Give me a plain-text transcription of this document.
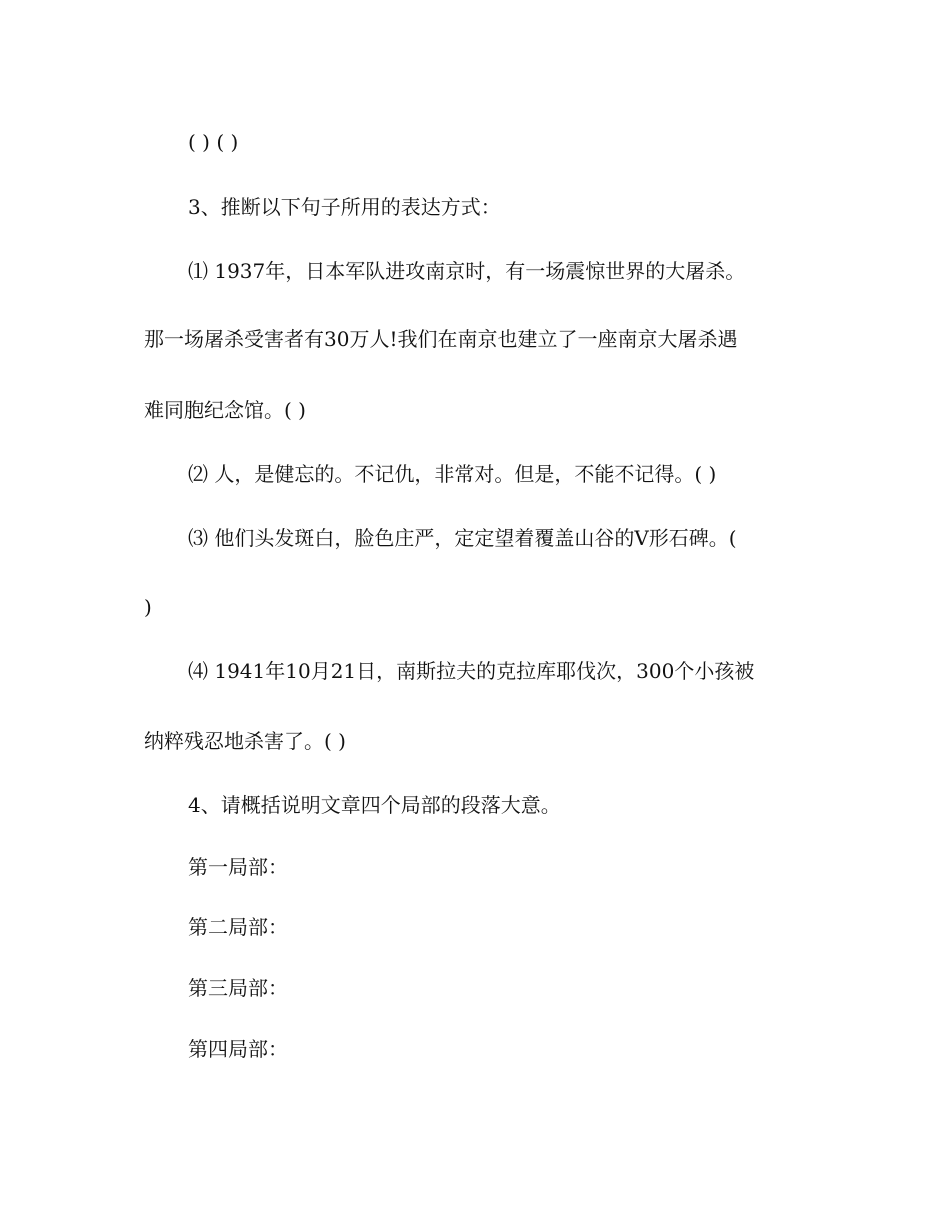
( ) ( )
3、推断以下句子所用的表达方式：
⑴ 1937年，日本军队进攻南京时，有一场震惊世界的大屠杀。
那一场屠杀受害者有30万人!我们在南京也建立了一座南京大屠杀遇
难同胞纪念馆。( )
⑵ 人，是健忘的。不记仇，非常对。但是，不能不记得。( )
⑶ 他们头发斑白，脸色庄严，定定望着覆盖山谷的V形石碑。(
)
⑷ 1941年10月21日，南斯拉夫的克拉库耶伐次，300个小孩被
纳粹残忍地杀害了。( )
4、请概括说明文章四个局部的段落大意。
第一局部：
第二局部：
第三局部：
第四局部：
